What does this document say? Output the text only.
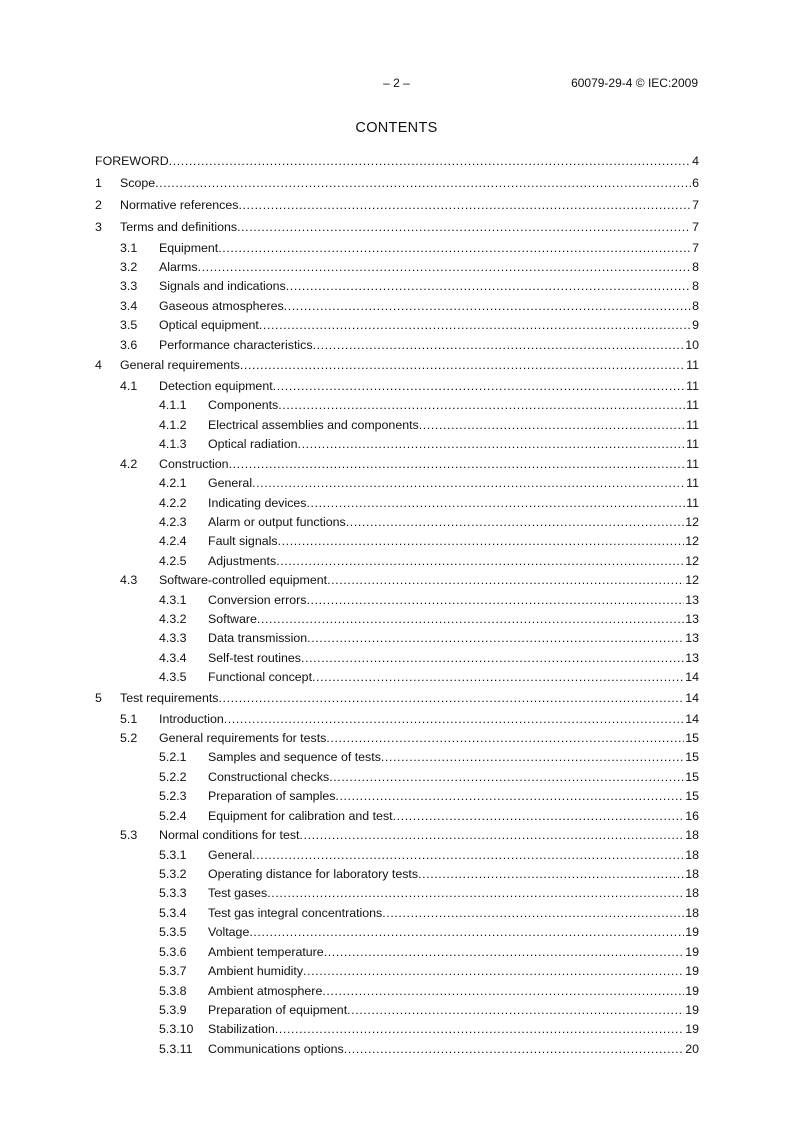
– 2 –	60079-29-4 © IEC:2009
CONTENTS
FOREWORD .....	4
1 Scope .....	6
2 Normative references .....	7
3 Terms and definitions .....	7
3.1 Equipment .....	7
3.2 Alarms .....	8
3.3 Signals and indications .....	8
3.4 Gaseous atmospheres .....	8
3.5 Optical equipment .....	9
3.6 Performance characteristics .....	10
4 General requirements .....	11
4.1 Detection equipment .....	11
4.1.1 Components .....	11
4.1.2 Electrical assemblies and components .....	11
4.1.3 Optical radiation .....	11
4.2 Construction .....	11
4.2.1 General .....	11
4.2.2 Indicating devices .....	11
4.2.3 Alarm or output functions .....	12
4.2.4 Fault signals .....	12
4.2.5 Adjustments .....	12
4.3 Software-controlled equipment .....	12
4.3.1 Conversion errors .....	13
4.3.2 Software .....	13
4.3.3 Data transmission .....	13
4.3.4 Self-test routines .....	13
4.3.5 Functional concept .....	14
5 Test requirements .....	14
5.1 Introduction .....	14
5.2 General requirements for tests .....	15
5.2.1 Samples and sequence of tests .....	15
5.2.2 Constructional checks .....	15
5.2.3 Preparation of samples .....	15
5.2.4 Equipment for calibration and test .....	16
5.3 Normal conditions for test .....	18
5.3.1 General .....	18
5.3.2 Operating distance for laboratory tests .....	18
5.3.3 Test gases .....	18
5.3.4 Test gas integral concentrations .....	18
5.3.5 Voltage .....	19
5.3.6 Ambient temperature .....	19
5.3.7 Ambient humidity .....	19
5.3.8 Ambient atmosphere .....	19
5.3.9 Preparation of equipment .....	19
5.3.10 Stabilization .....	19
5.3.11 Communications options .....	20
